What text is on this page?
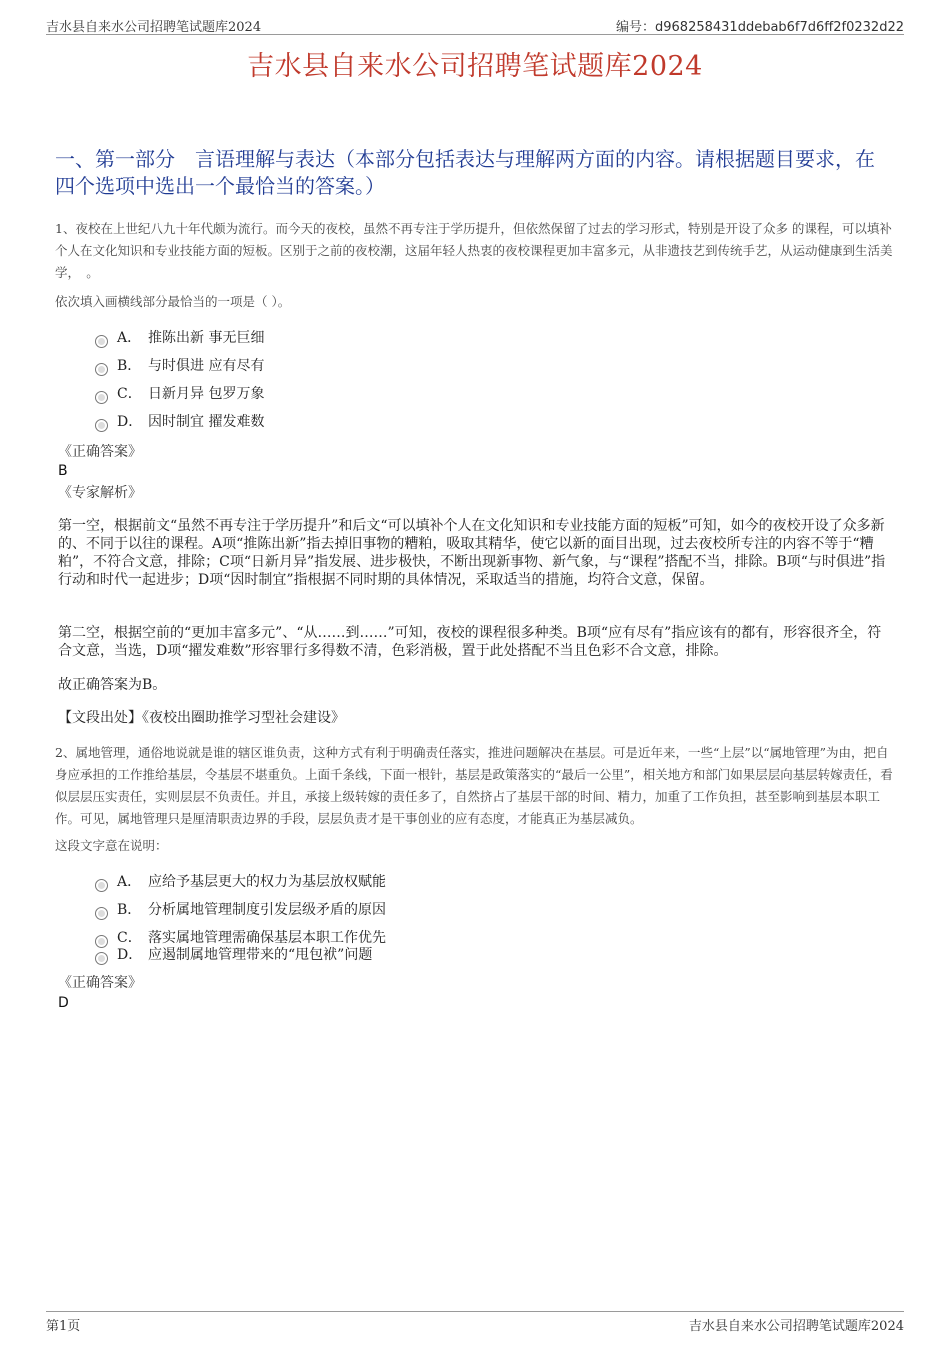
吉水县自来水公司招聘笔试题库2024	编号：d968258431ddebab6f7d6ff2f0232d22
吉水县自来水公司招聘笔试题库2024
一、第一部分　言语理解与表达（本部分包括表达与理解两方面的内容。请根据题目要求，在四个选项中选出一个最恰当的答案。）
1、夜校在上世纪八九十年代颇为流行。而今天的夜校，虽然不再专注于学历提升，但依然保留了过去的学习形式，特别是开设了众多 的课程，可以填补个人在文化知识和专业技能方面的短板。区别于之前的夜校潮，这届年轻人热衷的夜校课程更加丰富多元，从非遗技艺到传统手艺，从运动健康到生活美学，　。
依次填入画横线部分最恰当的一项是（ ）。
A． 推陈出新 事无巨细
B． 与时俱进 应有尽有
C． 日新月异 包罗万象
D． 因时制宜 擢发难数
《正确答案》
B
《专家解析》
第一空，根据前文“虽然不再专注于学历提升”和后文“可以填补个人在文化知识和专业技能方面的短板”可知，如今的夜校开设了众多新的、不同于以往的课程。A项“推陈出新”指去掉旧事物的糟粕，吸取其精华，使它以新的面目出现，过去夜校所专注的内容不等于“糟粕”，不符合文意，排除；C项“日新月异”指发展、进步极快，不断出现新事物、新气象，与“课程”搭配不当，排除。B项“与时俱进”指行动和时代一起进步；D项“因时制宜”指根据不同时期的具体情况，采取适当的措施，均符合文意，保留。
第二空，根据空前的“更加丰富多元”、“从……到……”可知，夜校的课程很多种类。B项“应有尽有”指应该有的都有，形容很齐全，符合文意，当选，D项“擢发难数”形容罪行多得数不清，色彩消极，置于此处搭配不当且色彩不合文意，排除。
故正确答案为B。
【文段出处】《夜校出圈助推学习型社会建设》
2、属地管理，通俗地说就是谁的辖区谁负责，这种方式有利于明确责任落实，推进问题解决在基层。可是近年来，一些“上层”以“属地管理”为由，把自身应承担的工作推给基层，令基层不堪重负。上面千条线，下面一根针，基层是政策落实的“最后一公里”，相关地方和部门如果层层向基层转嫁责任，看似层层压实责任，实则层层不负责任。并且，承接上级转嫁的责任多了，自然挤占了基层干部的时间、精力，加重了工作负担，甚至影响到基层本职工作。可见，属地管理只是厘清职责边界的手段，层层负责才是干事创业的应有态度，才能真正为基层减负。
这段文字意在说明：
A． 应给予基层更大的权力为基层放权赋能
B． 分析属地管理制度引发层级矛盾的原因
C． 落实属地管理需确保基层本职工作优先
D． 应遏制属地管理带来的“甩包袱”问题
《正确答案》
D
第1页	吉水县自来水公司招聘笔试题库2024
